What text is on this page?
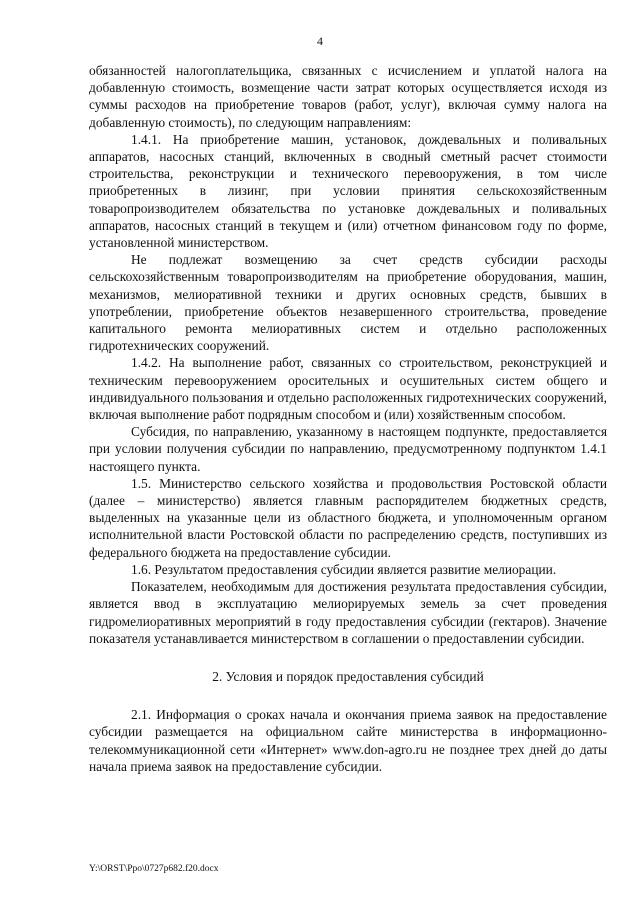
4

обязанностей налогоплательщика, связанных с исчислением и уплатой налога на добавленную стоимость, возмещение части затрат которых осуществляется исходя из суммы расходов на приобретение товаров (работ, услуг), включая сумму налога на добавленную стоимость), по следующим направлениям:

1.4.1. На приобретение машин, установок, дождевальных и поливальных аппаратов, насосных станций, включенных в сводный сметный расчет стоимости строительства, реконструкции и технического перевооружения, в том числе приобретенных в лизинг, при условии принятия сельскохозяйственным товаропроизводителем обязательства по установке дождевальных и поливальных аппаратов, насосных станций в текущем и (или) отчетном финансовом году по форме, установленной министерством.

Не подлежат возмещению за счет средств субсидии расходы сельскохозяйственным товаропроизводителям на приобретение оборудования, машин, механизмов, мелиоративной техники и других основных средств, бывших в употреблении, приобретение объектов незавершенного строительства, проведение капитального ремонта мелиоративных систем и отдельно расположенных гидротехнических сооружений.

1.4.2. На выполнение работ, связанных со строительством, реконструкцией и техническим перевооружением оросительных и осушительных систем общего и индивидуального пользования и отдельно расположенных гидротехнических сооружений, включая выполнение работ подрядным способом и (или) хозяйственным способом.

Субсидия, по направлению, указанному в настоящем подпункте, предоставляется при условии получения субсидии по направлению, предусмотренному подпунктом 1.4.1 настоящего пункта.

1.5. Министерство сельского хозяйства и продовольствия Ростовской области (далее – министерство) является главным распорядителем бюджетных средств, выделенных на указанные цели из областного бюджета, и уполномоченным органом исполнительной власти Ростовской области по распределению средств, поступивших из федерального бюджета на предоставление субсидии.

1.6. Результатом предоставления субсидии является развитие мелиорации.

Показателем, необходимым для достижения результата предоставления субсидии, является ввод в эксплуатацию мелиорируемых земель за счет проведения гидромелиоративных мероприятий в году предоставления субсидии (гектаров). Значение показателя устанавливается министерством в соглашении о предоставлении субсидии.

2. Условия и порядок предоставления субсидий

2.1. Информация о сроках начала и окончания приема заявок на предоставление субсидии размещается на официальном сайте министерства в информационно-телекоммуникационной сети «Интернет» www.don-agro.ru не позднее трех дней до даты начала приема заявок на предоставление субсидии.

Y:\ORST\Ppo\0727p682.f20.docx
